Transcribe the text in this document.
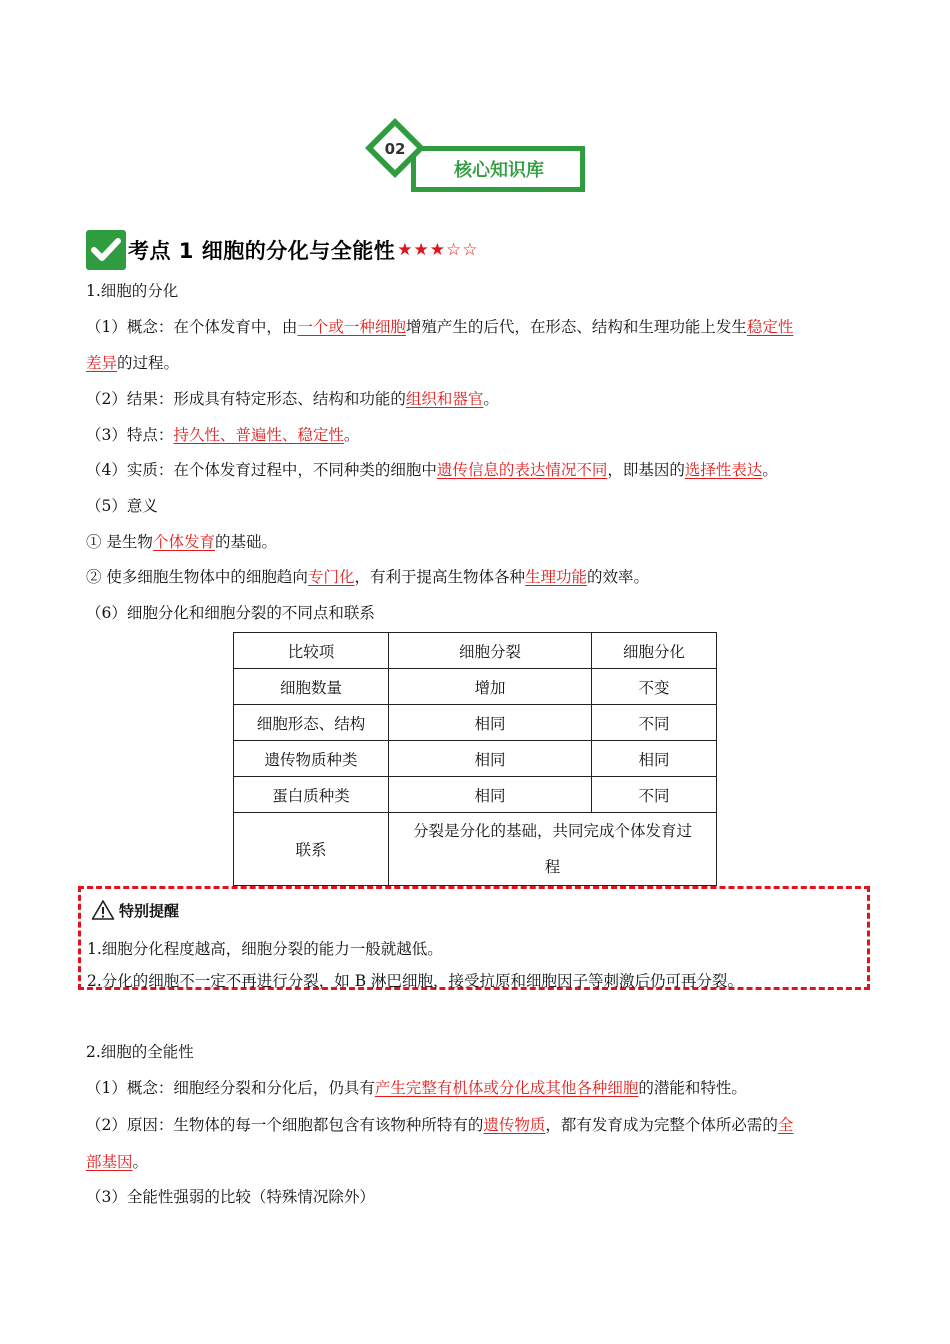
02
核心知识库
考点 1 细胞的分化与全能性 ★★★☆☆
1.细胞的分化
（1）概念：在个体发育中，由一个或一种细胞增殖产生的后代，在形态、结构和生理功能上发生稳定性
差异的过程。
（2）结果：形成具有特定形态、结构和功能的组织和器官。
（3）特点：持久性、普遍性、稳定性。
（4）实质：在个体发育过程中，不同种类的细胞中遗传信息的表达情况不同，即基因的选择性表达。
（5）意义
① 是生物个体发育的基础。
② 使多细胞生物体中的细胞趋向专门化，有利于提高生物体各种生理功能的效率。
（6）细胞分化和细胞分裂的不同点和联系
比较项	细胞分裂	细胞分化
细胞数量	增加	不变
细胞形态、结构	相同	不同
遗传物质种类	相同	相同
蛋白质种类	相同	不同
联系	分裂是分化的基础，共同完成个体发育过
程	
特别提醒
1.细胞分化程度越高，细胞分裂的能力一般就越低。
2.分化的细胞不一定不再进行分裂，如 B 淋巴细胞，接受抗原和细胞因子等刺激后仍可再分裂。
2.细胞的全能性
（1）概念：细胞经分裂和分化后，仍具有产生完整有机体或分化成其他各种细胞的潜能和特性。
（2）原因：生物体的每一个细胞都包含有该物种所特有的遗传物质，都有发育成为完整个体所必需的全
部基因。
（3）全能性强弱的比较（特殊情况除外）
